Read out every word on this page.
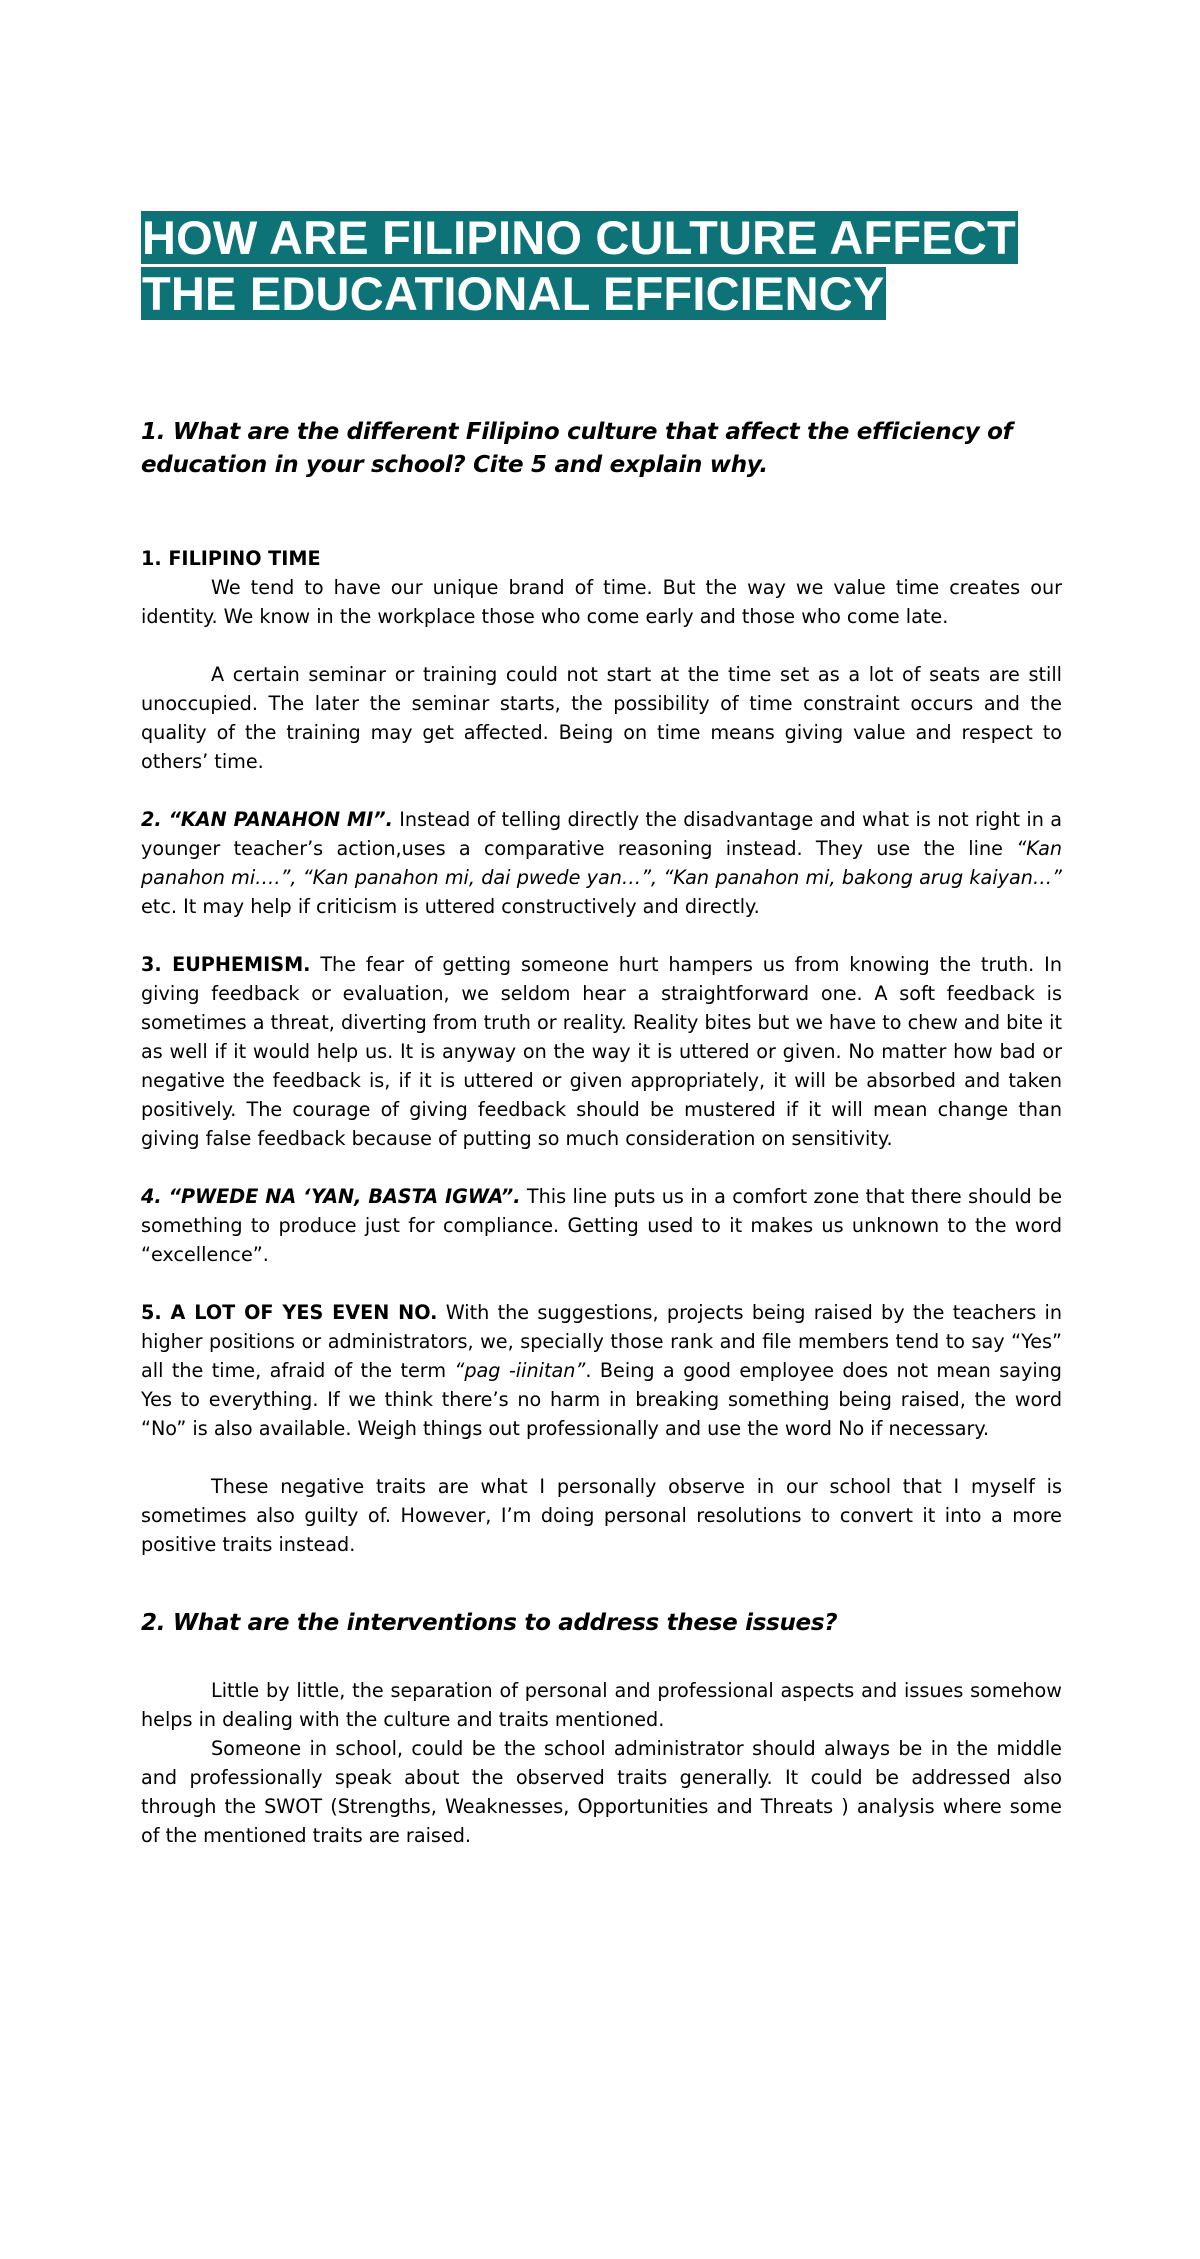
HOW ARE FILIPINO CULTURE AFFECT
THE EDUCATIONAL EFFICIENCY

1. What are the different Filipino culture that affect the efficiency of education in your school? Cite 5 and explain why.

1. FILIPINO TIME

We tend to have our unique brand of time. But the way we value time creates our identity. We know in the workplace those who come early and those who come late.

A certain seminar or training could not start at the time set as a lot of seats are still unoccupied. The later the seminar starts, the possibility of time constraint occurs and the quality of the training may get affected. Being on time means giving value and respect to others’ time.

2. “KAN PANAHON MI”. Instead of telling directly the disadvantage and what is not right in a younger teacher’s action,uses a comparative reasoning instead. They use the line “Kan panahon mi….”, “Kan panahon mi, dai pwede yan…”, “Kan panahon mi, bakong arug kaiyan…” etc. It may help if criticism is uttered constructively and directly.

3. EUPHEMISM. The fear of getting someone hurt hampers us from knowing the truth. In giving feedback or evaluation, we seldom hear a straightforward one. A soft feedback is sometimes a threat, diverting from truth or reality. Reality bites but we have to chew and bite it as well if it would help us. It is anyway on the way it is uttered or given. No matter how bad or negative the feedback is, if it is uttered or given appropriately, it will be absorbed and taken positively. The courage of giving feedback should be mustered if it will mean change than giving false feedback because of putting so much consideration on sensitivity.

4. “PWEDE NA ‘YAN, BASTA IGWA”. This line puts us in a comfort zone that there should be something to produce just for compliance. Getting used to it makes us unknown to the word “excellence”.

5. A LOT OF YES EVEN NO. With the suggestions, projects being raised by the teachers in higher positions or administrators, we, specially those rank and file members tend to say “Yes” all the time, afraid of the term “pag -iinitan”. Being a good employee does not mean saying Yes to everything. If we think there’s no harm in breaking something being raised, the word “No” is also available. Weigh things out professionally and use the word No if necessary.

These negative traits are what I personally observe in our school that I myself is sometimes also guilty of. However, I’m doing personal resolutions to convert it into a more positive traits instead.

2. What are the interventions to address these issues?

Little by little, the separation of personal and professional aspects and issues somehow helps in dealing with the culture and traits mentioned.

Someone in school, could be the school administrator should always be in the middle and professionally speak about the observed traits generally. It could be addressed also through the SWOT (Strengths, Weaknesses, Opportunities and Threats ) analysis where some of the mentioned traits are raised.
